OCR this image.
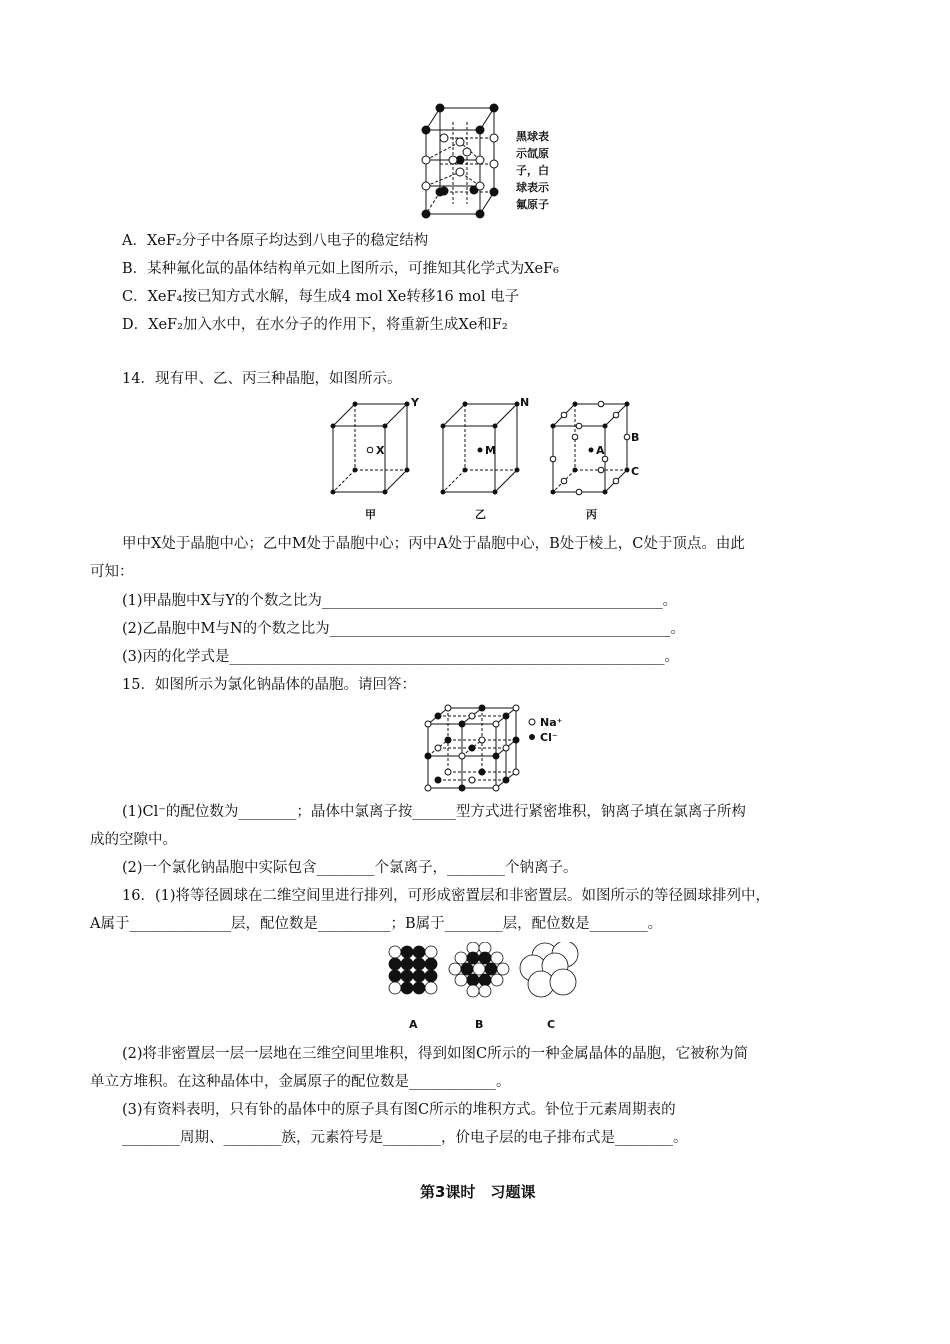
黑球表
示氙原
子，白
球表示
氟原子
A．XeF₂分子中各原子均达到八电子的稳定结构
B．某种氟化氙的晶体结构单元如上图所示，可推知其化学式为XeF₆
C．XeF₄按已知方式水解，每生成4 mol Xe转移16 mol 电子
D．XeF₂加入水中，在水分子的作用下，将重新生成Xe和F₂
14．现有甲、乙、丙三种晶胞，如图所示。
X
Y
M
N
A
B
C
甲	乙	丙
甲中X处于晶胞中心；乙中M处于晶胞中心；丙中A处于晶胞中心，B处于棱上，C处于顶点。由此
可知：
(1)甲晶胞中X与Y的个数之比为_______________________________________________。
(2)乙晶胞中M与N的个数之比为_______________________________________________。
(3)丙的化学式是____________________________________________________________。
15．如图所示为氯化钠晶体的晶胞。请回答：
Na⁺
Cl⁻
(1)Cl⁻的配位数为________；晶体中氯离子按______型方式进行紧密堆积，钠离子填在氯离子所构
成的空隙中。
(2)一个氯化钠晶胞中实际包含________个氯离子，________个钠离子。
16．(1)将等径圆球在二维空间里进行排列，可形成密置层和非密置层。如图所示的等径圆球排列中，
A属于______________层，配位数是__________；B属于________层，配位数是________。
A	B	C
(2)将非密置层一层一层地在三维空间里堆积，得到如图C所示的一种金属晶体的晶胞，它被称为简
单立方堆积。在这种晶体中，金属原子的配位数是____________。
(3)有资料表明，只有钋的晶体中的原子具有图C所示的堆积方式。钋位于元素周期表的
________周期、________族，元素符号是________，价电子层的电子排布式是________。
第3课时　习题课
